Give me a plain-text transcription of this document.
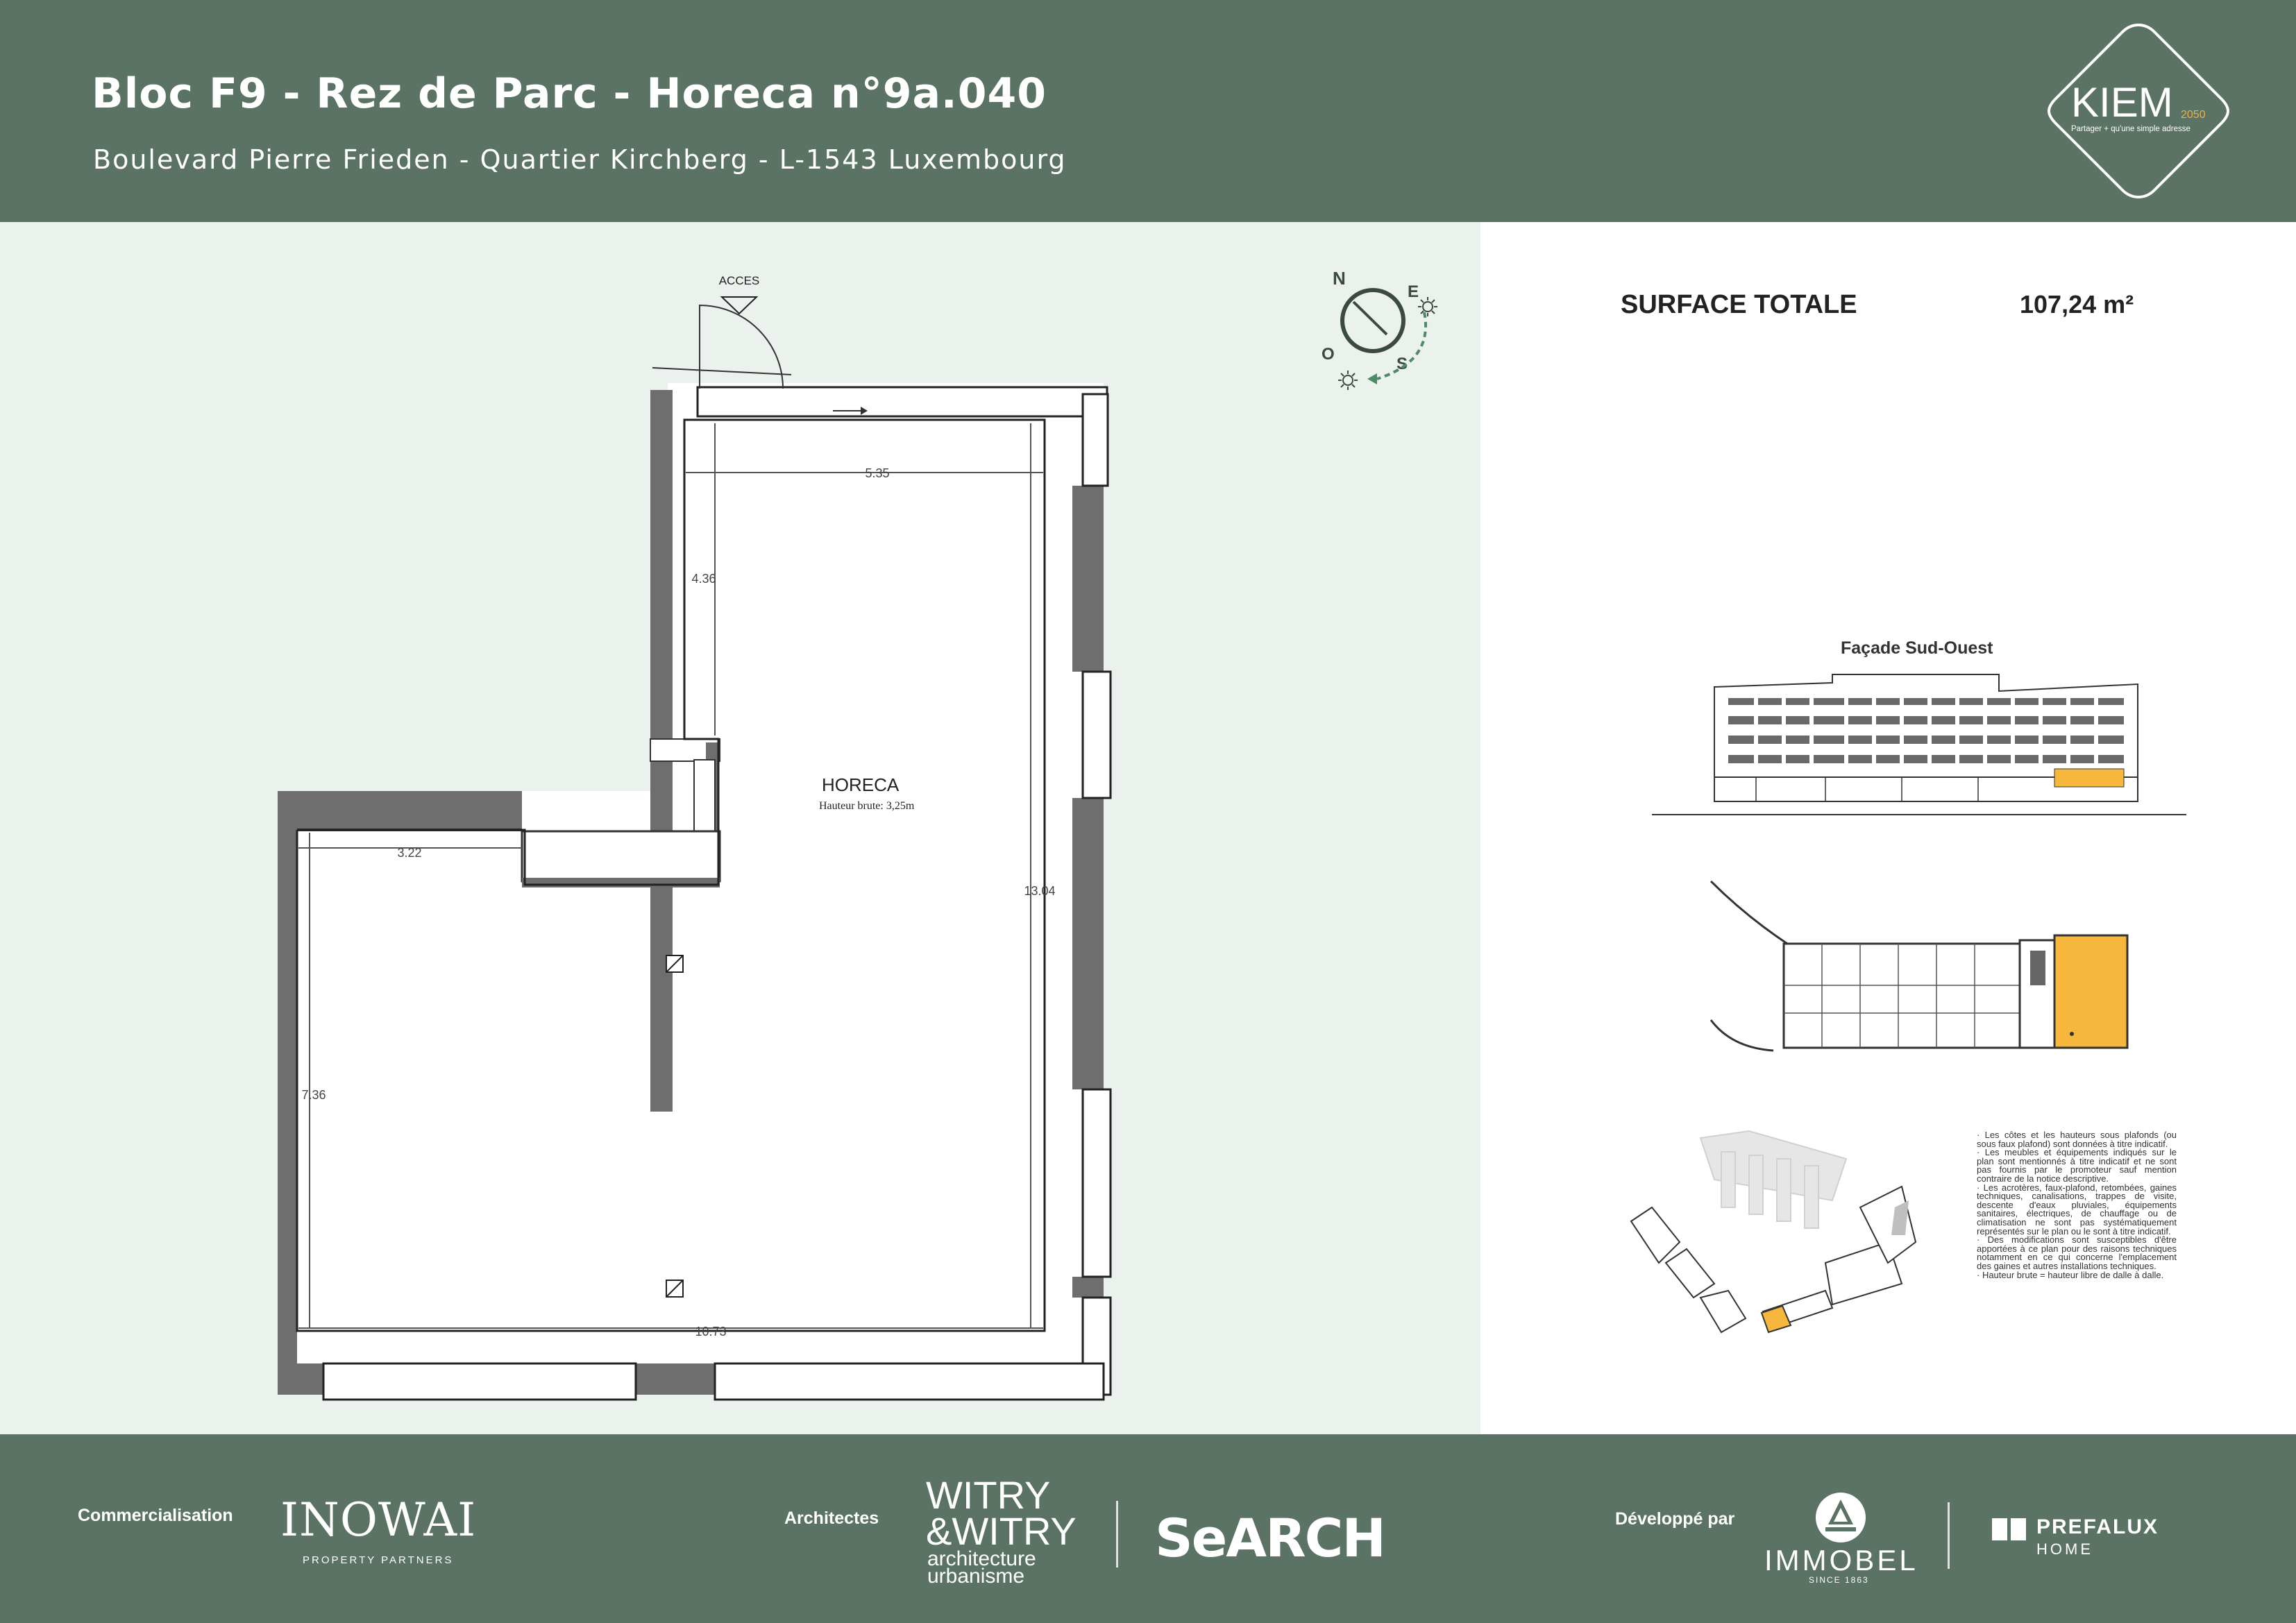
Bloc F9 - Rez de Parc - Horeca n°9a.040
Boulevard Pierre Frieden - Quartier Kirchberg - L-1543 Luxembourg
KIEM 2050
Partager + qu'une simple adresse
ACCES
5.35
4.36
13.04
3.22
7.36
10.73
HORECA
Hauteur brute: 3,25m
N
E
S
O
SURFACE TOTALE	107,24 m²
Façade Sud-Ouest

· Les côtes et les hauteurs sous plafonds (ou sous faux plafond) sont données à titre indicatif.

· Les meubles et équipements indiqués sur le plan sont mentionnés à titre indicatif et ne sont pas fournis par le promoteur sauf mention contraire de la notice descriptive.

· Les acrotères, faux-plafond, retombées, gaines techniques, canalisations, trappes de visite, descente d'eaux pluviales, équipements sanitaires, électriques, de chauffage ou de climatisation ne sont pas systématiquement représentés sur le plan ou le sont à titre indicatif.

· Des modifications sont susceptibles d'être apportées à ce plan pour des raisons techniques notamment en ce qui concerne l'emplacement des gaines et autres installations techniques.

· Hauteur brute = hauteur libre de dalle à dalle.

Commercialisation INOWAI
PROPERTY PARTNERS
Architectes
WITRY
&WITRY
architecture
urbanisme
SeARCH	Développé par
IMMOBEL
SINCE 1863
PREFALUX
HOME
